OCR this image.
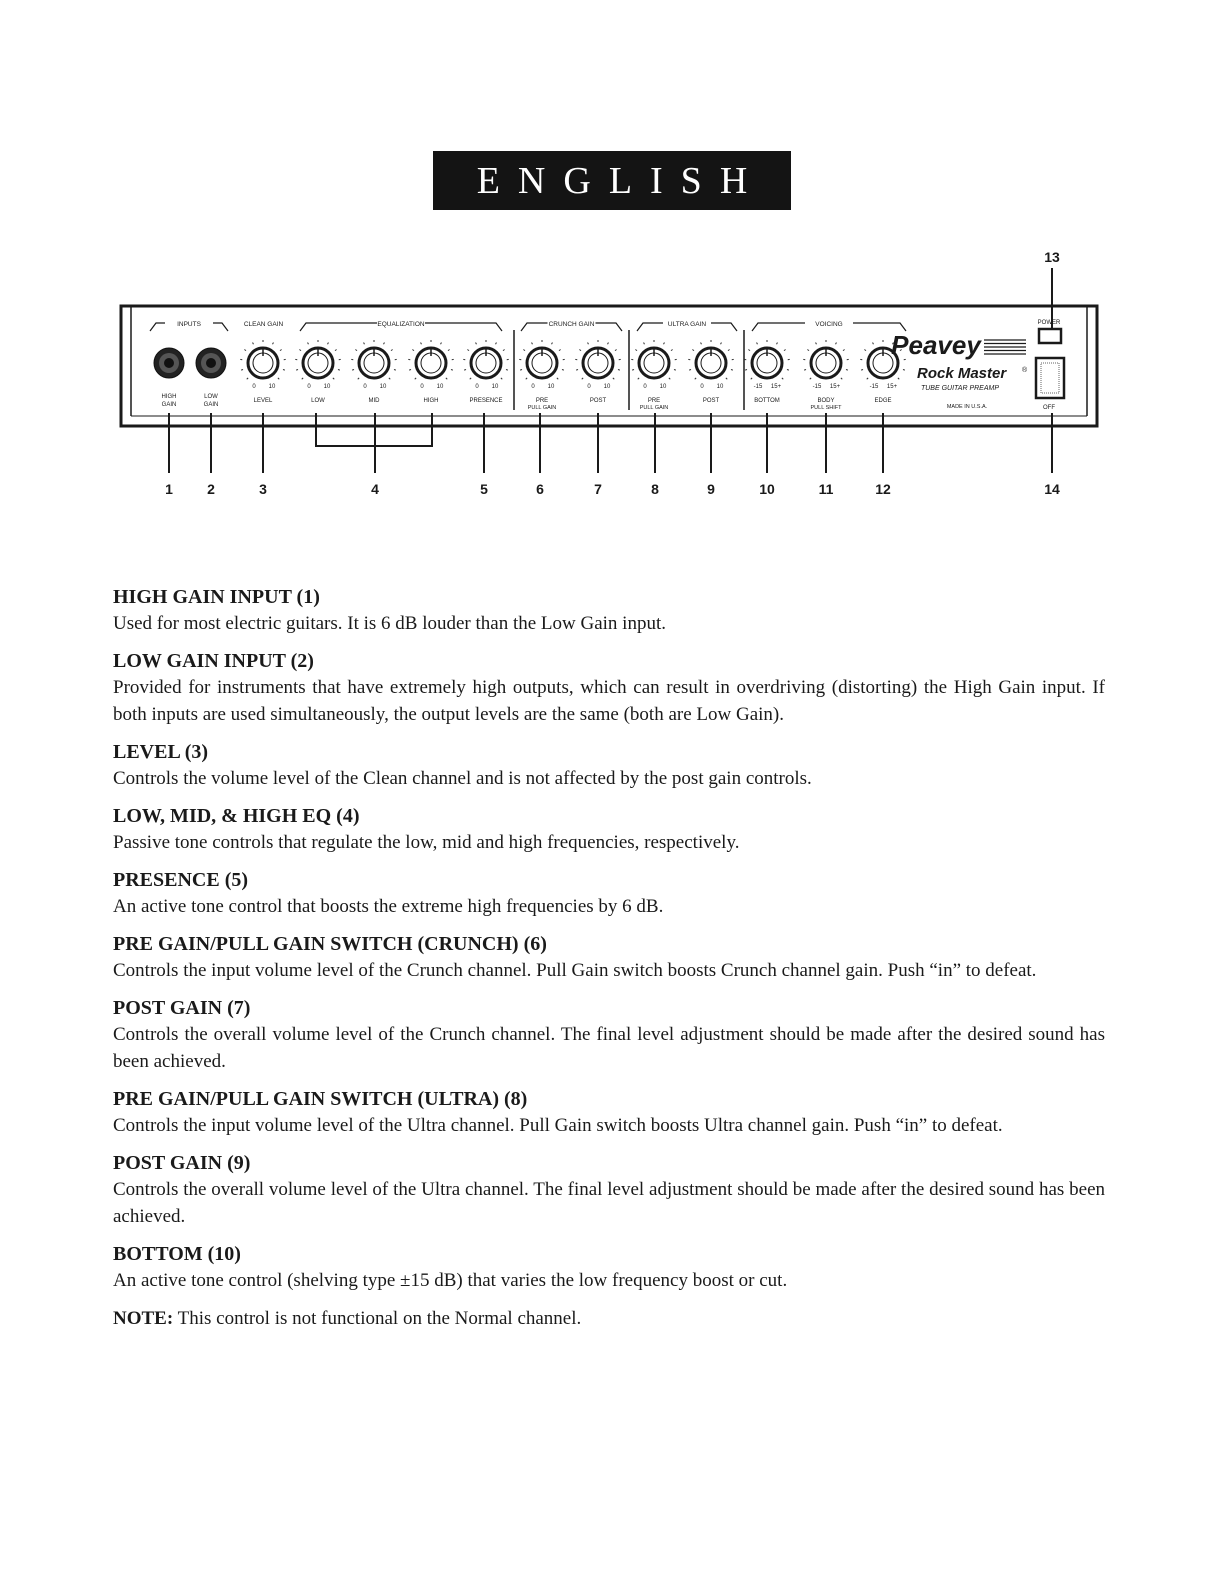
ENGLISH
INPUTS	CLEAN GAIN	EQUALIZATION	CRUNCH GAIN	ULTRA GAIN	VOICING
HIGH
GAIN
LOW
GAIN
0 10
LEVEL
0 10
LOW
0 10
MID
0 10
HIGH
0 10
PRESENCE
0 10
PRE
PULL GAIN
0 10
POST
0 10
PRE
PULL GAIN
0 10
POST
-15 15+
BOTTOM
-15 15+
BODY
PULL SHIFT
-15 15+
EDGE
Peavey
Rock Master ®
TUBE GUITAR PREAMP
MADE IN U.S.A.
POWER
OFF
1 2	3	4	5	6	7	8	9	10	11	12
13
14
HIGH GAIN INPUT (1)

Used for most electric guitars. It is 6 dB louder than the Low Gain input.

LOW GAIN INPUT (2)

Provided for instruments that have extremely high outputs, which can result in overdriving (distorting) the High Gain input. If both inputs are used simultaneously, the output levels are the same (both are Low Gain).

LEVEL (3)

Controls the volume level of the Clean channel and is not affected by the post gain controls.

LOW, MID, & HIGH EQ (4)

Passive tone controls that regulate the low, mid and high frequencies, respectively.

PRESENCE (5)

An active tone control that boosts the extreme high frequencies by 6 dB.

PRE GAIN/PULL GAIN SWITCH (CRUNCH) (6)

Controls the input volume level of the Crunch channel. Pull Gain switch boosts Crunch channel gain. Push “in” to defeat.

POST GAIN (7)

Controls the overall volume level of the Crunch channel. The final level adjustment should be made after the desired sound has been achieved.

PRE GAIN/PULL GAIN SWITCH (ULTRA) (8)

Controls the input volume level of the Ultra channel. Pull Gain switch boosts Ultra channel gain. Push “in” to defeat.

POST GAIN (9)

Controls the overall volume level of the Ultra channel. The final level adjustment should be made after the desired sound has been achieved.

BOTTOM (10)

An active tone control (shelving type ±15 dB) that varies the low frequency boost or cut.

NOTE: This control is not functional on the Normal channel.
